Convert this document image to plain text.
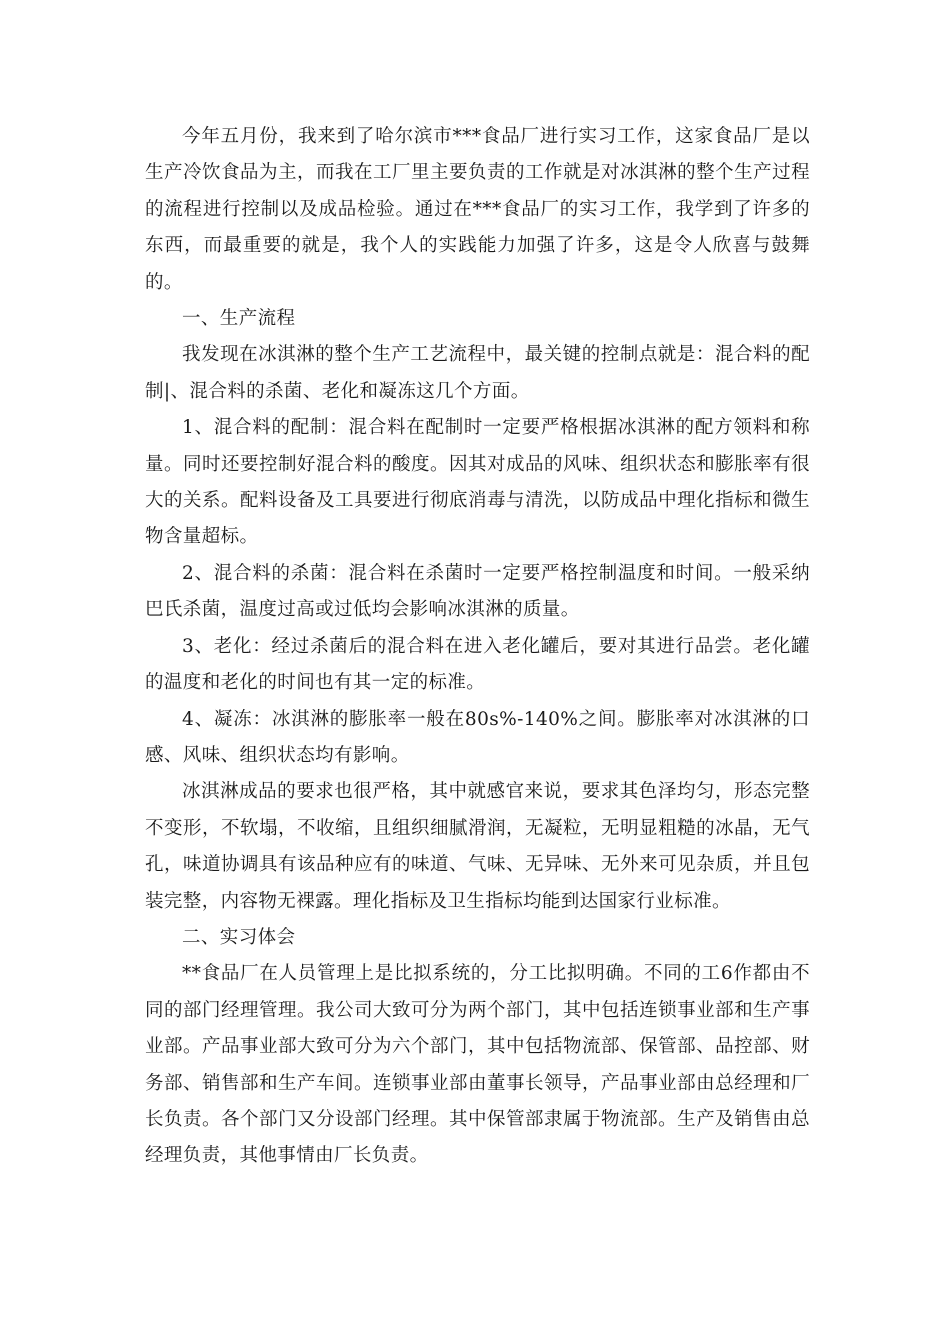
今年五月份，我来到了哈尔滨市***食品厂进行实习工作，这家食品厂是以生产冷饮食品为主，而我在工厂里主要负责的工作就是对冰淇淋的整个生产过程的流程进行控制以及成品检验。通过在***食品厂的实习工作，我学到了许多的东西，而最重要的就是，我个人的实践能力加强了许多，这是令人欣喜与鼓舞的。

一、生产流程

我发现在冰淇淋的整个生产工艺流程中，最关键的控制点就是：混合料的配制|、混合料的杀菌、老化和凝冻这几个方面。

1、混合料的配制：混合料在配制时一定要严格根据冰淇淋的配方领料和称量。同时还要控制好混合料的酸度。因其对成品的风味、组织状态和膨胀率有很大的关系。配料设备及工具要进行彻底消毒与清洗，以防成品中理化指标和微生物含量超标。

2、混合料的杀菌：混合料在杀菌时一定要严格控制温度和时间。一般采纳巴氏杀菌，温度过高或过低均会影响冰淇淋的质量。

3、老化：经过杀菌后的混合料在进入老化罐后，要对其进行品尝。老化罐的温度和老化的时间也有其一定的标准。

4、凝冻：冰淇淋的膨胀率一般在80s%-140%之间。膨胀率对冰淇淋的口感、风味、组织状态均有影响。

冰淇淋成品的要求也很严格，其中就感官来说，要求其色泽均匀，形态完整不变形，不软塌，不收缩，且组织细腻滑润，无凝粒，无明显粗糙的冰晶，无气孔，味道协调具有该品种应有的味道、气味、无异味、无外来可见杂质，并且包装完整，内容物无裸露。理化指标及卫生指标均能到达国家行业标准。

二、实习体会

**食品厂在人员管理上是比拟系统的，分工比拟明确。不同的工6作都由不同的部门经理管理。我公司大致可分为两个部门，其中包括连锁事业部和生产事业部。产品事业部大致可分为六个部门，其中包括物流部、保管部、品控部、财务部、销售部和生产车间。连锁事业部由董事长领导，产品事业部由总经理和厂长负责。各个部门又分设部门经理。其中保管部隶属于物流部。生产及销售由总经理负责，其他事情由厂长负责。
